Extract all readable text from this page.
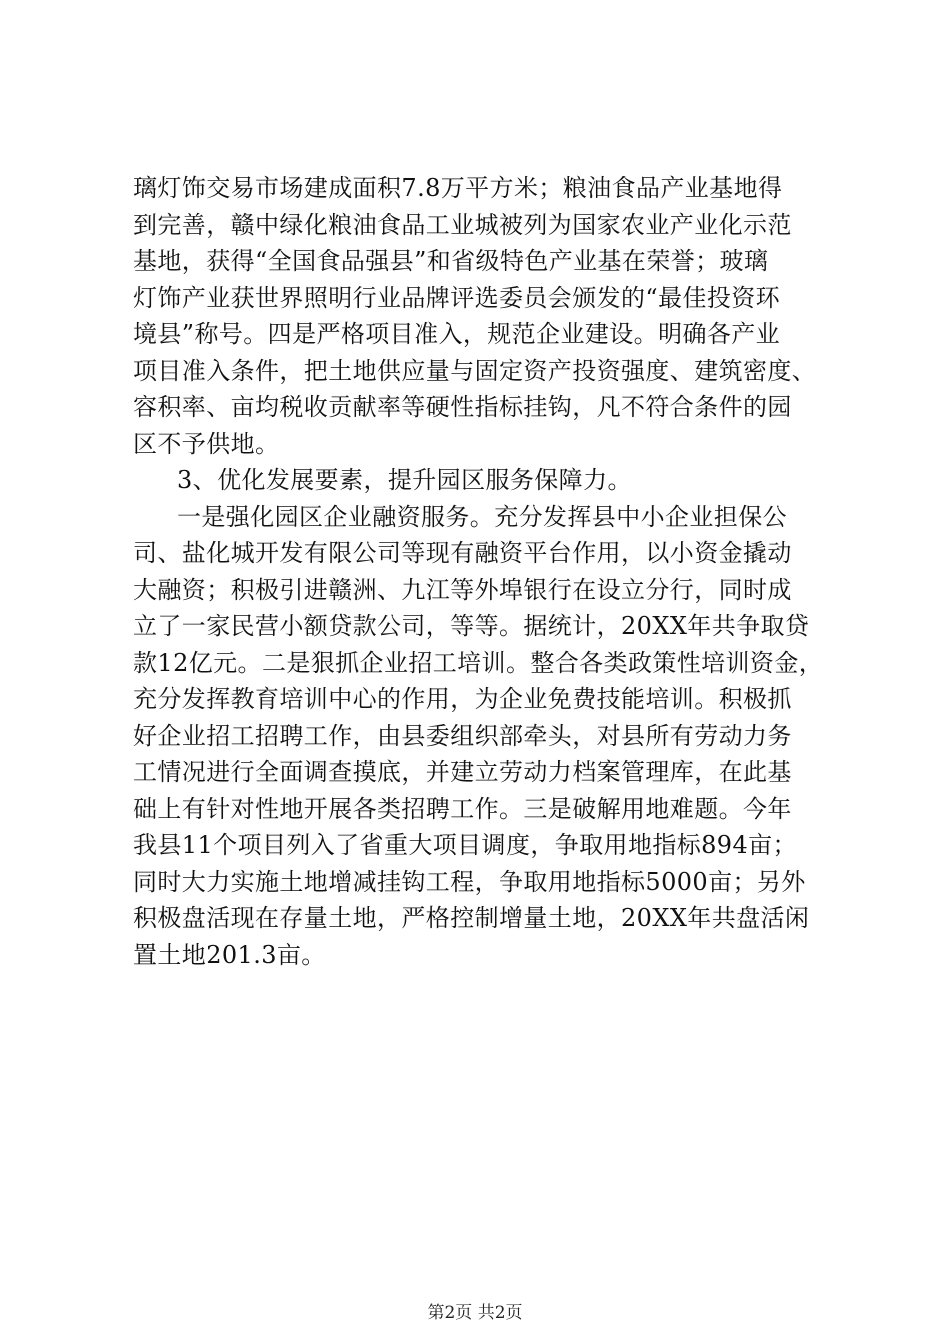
璃灯饰交易市场建成面积7.8万平方米；粮油食品产业基地得
到完善，赣中绿化粮油食品工业城被列为国家农业产业化示范
基地，获得“全国食品强县”和省级特色产业基在荣誉；玻璃
灯饰产业获世界照明行业品牌评选委员会颁发的“最佳投资环
境县”称号。四是严格项目准入，规范企业建设。明确各产业
项目准入条件，把土地供应量与固定资产投资强度、建筑密度、
容积率、亩均税收贡献率等硬性指标挂钩，凡不符合条件的园
区不予供地。
3、优化发展要素，提升园区服务保障力。
一是强化园区企业融资服务。充分发挥县中小企业担保公
司、盐化城开发有限公司等现有融资平台作用，以小资金撬动
大融资；积极引进赣洲、九江等外埠银行在设立分行，同时成
立了一家民营小额贷款公司，等等。据统计，20XX年共争取贷
款12亿元。二是狠抓企业招工培训。整合各类政策性培训资金，
充分发挥教育培训中心的作用，为企业免费技能培训。积极抓
好企业招工招聘工作，由县委组织部牵头，对县所有劳动力务
工情况进行全面调查摸底，并建立劳动力档案管理库，在此基
础上有针对性地开展各类招聘工作。三是破解用地难题。今年
我县11个项目列入了省重大项目调度，争取用地指标894亩；
同时大力实施土地增减挂钩工程，争取用地指标5000亩；另外
积极盘活现在存量土地，严格控制增量土地，20XX年共盘活闲
置土地201.3亩。
第2页 共2页
